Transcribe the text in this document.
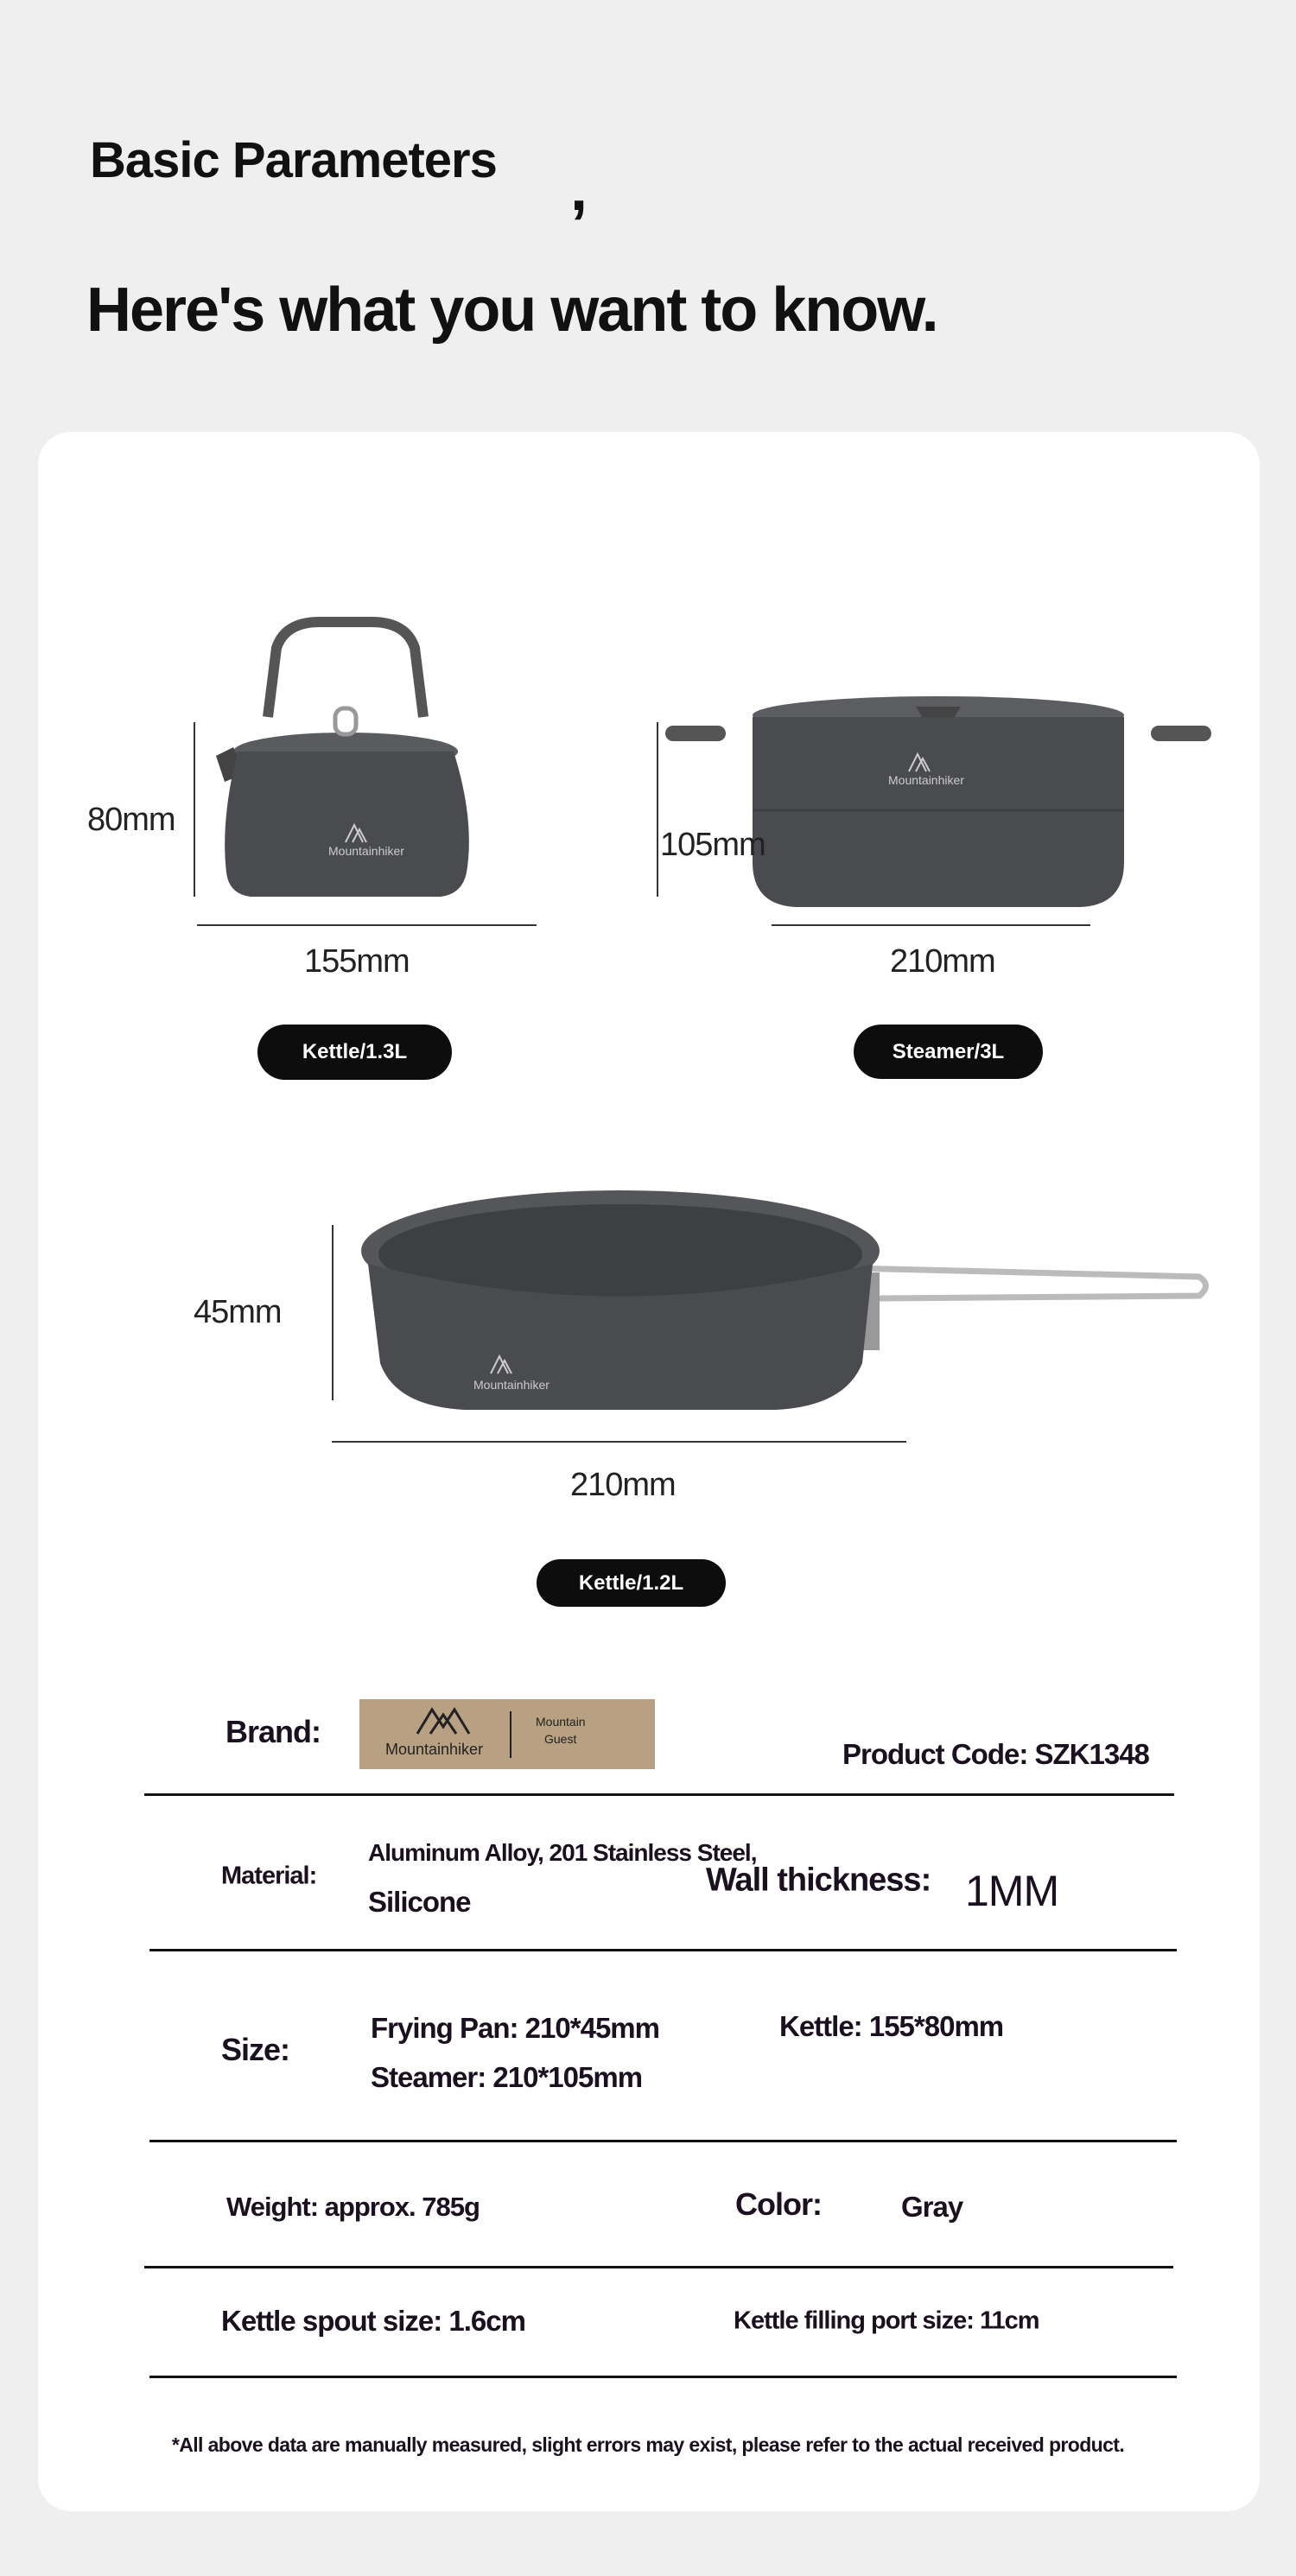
Basic Parameters ,
Here's what you want to know.
Mountainhiker
80mm
155mm
Kettle/1.3L
Mountainhiker
105mm
210mm
Steamer/3L
Mountainhiker
45mm
210mm
Kettle/1.2L
Brand:	Mountainhiker
Mountain
Guest	Product Code: SZK1348
Material:
Aluminum Alloy, 201 Stainless Steel,
Silicone
Wall thickness: 1MM
Size:
Frying Pan: 210*45mm
Steamer: 210*105mm
Kettle: 155*80mm
Weight: approx. 785g	Color:	Gray
Kettle spout size: 1.6cm	Kettle filling port size: 11cm
*All above data are manually measured, slight errors may exist, please refer to the actual received product.
